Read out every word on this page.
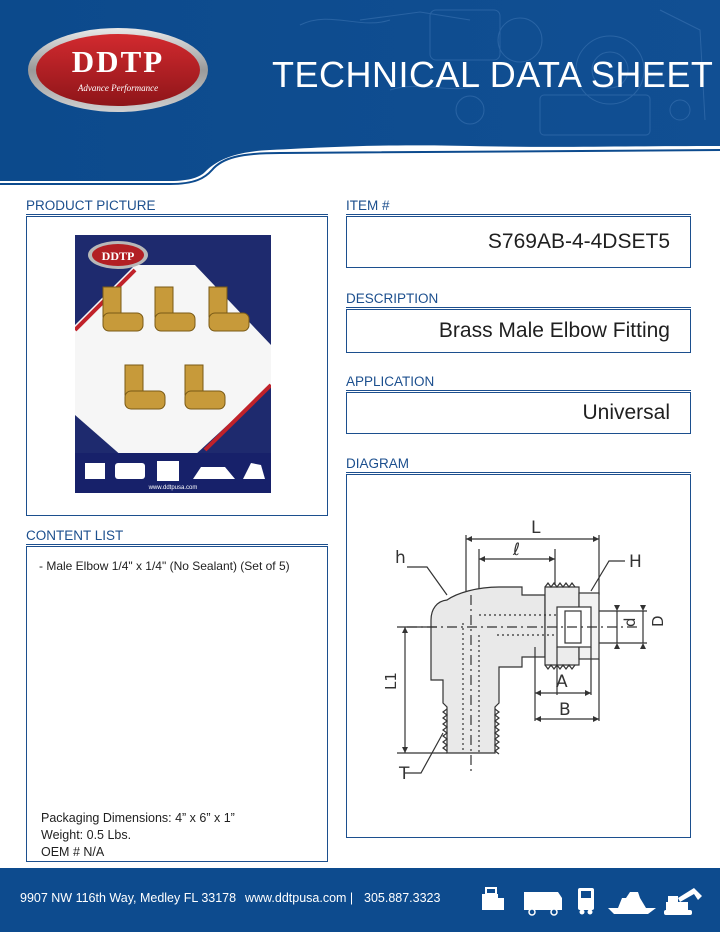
DDTP
Advance Performance	TECHNICAL DATA SHEET
PRODUCT PICTURE
DDTP
www.ddtpusa.com
ITEM #
S769AB-4-4DSET5
DESCRIPTION
Brass Male Elbow Fitting
APPLICATION
Universal
DIAGRAM
L
ℓ
h	H
d D
A
B
L1
T
CONTENT LIST
- Male Elbow 1/4" x 1/4" (No Sealant) (Set of 5)
Packaging Dimensions: 4” x 6” x 1”
Weight: 0.5 Lbs.
OEM # N/A
9907 NW 116th Way, Medley FL 33178 www.ddtpusa.com | 305.887.3323
